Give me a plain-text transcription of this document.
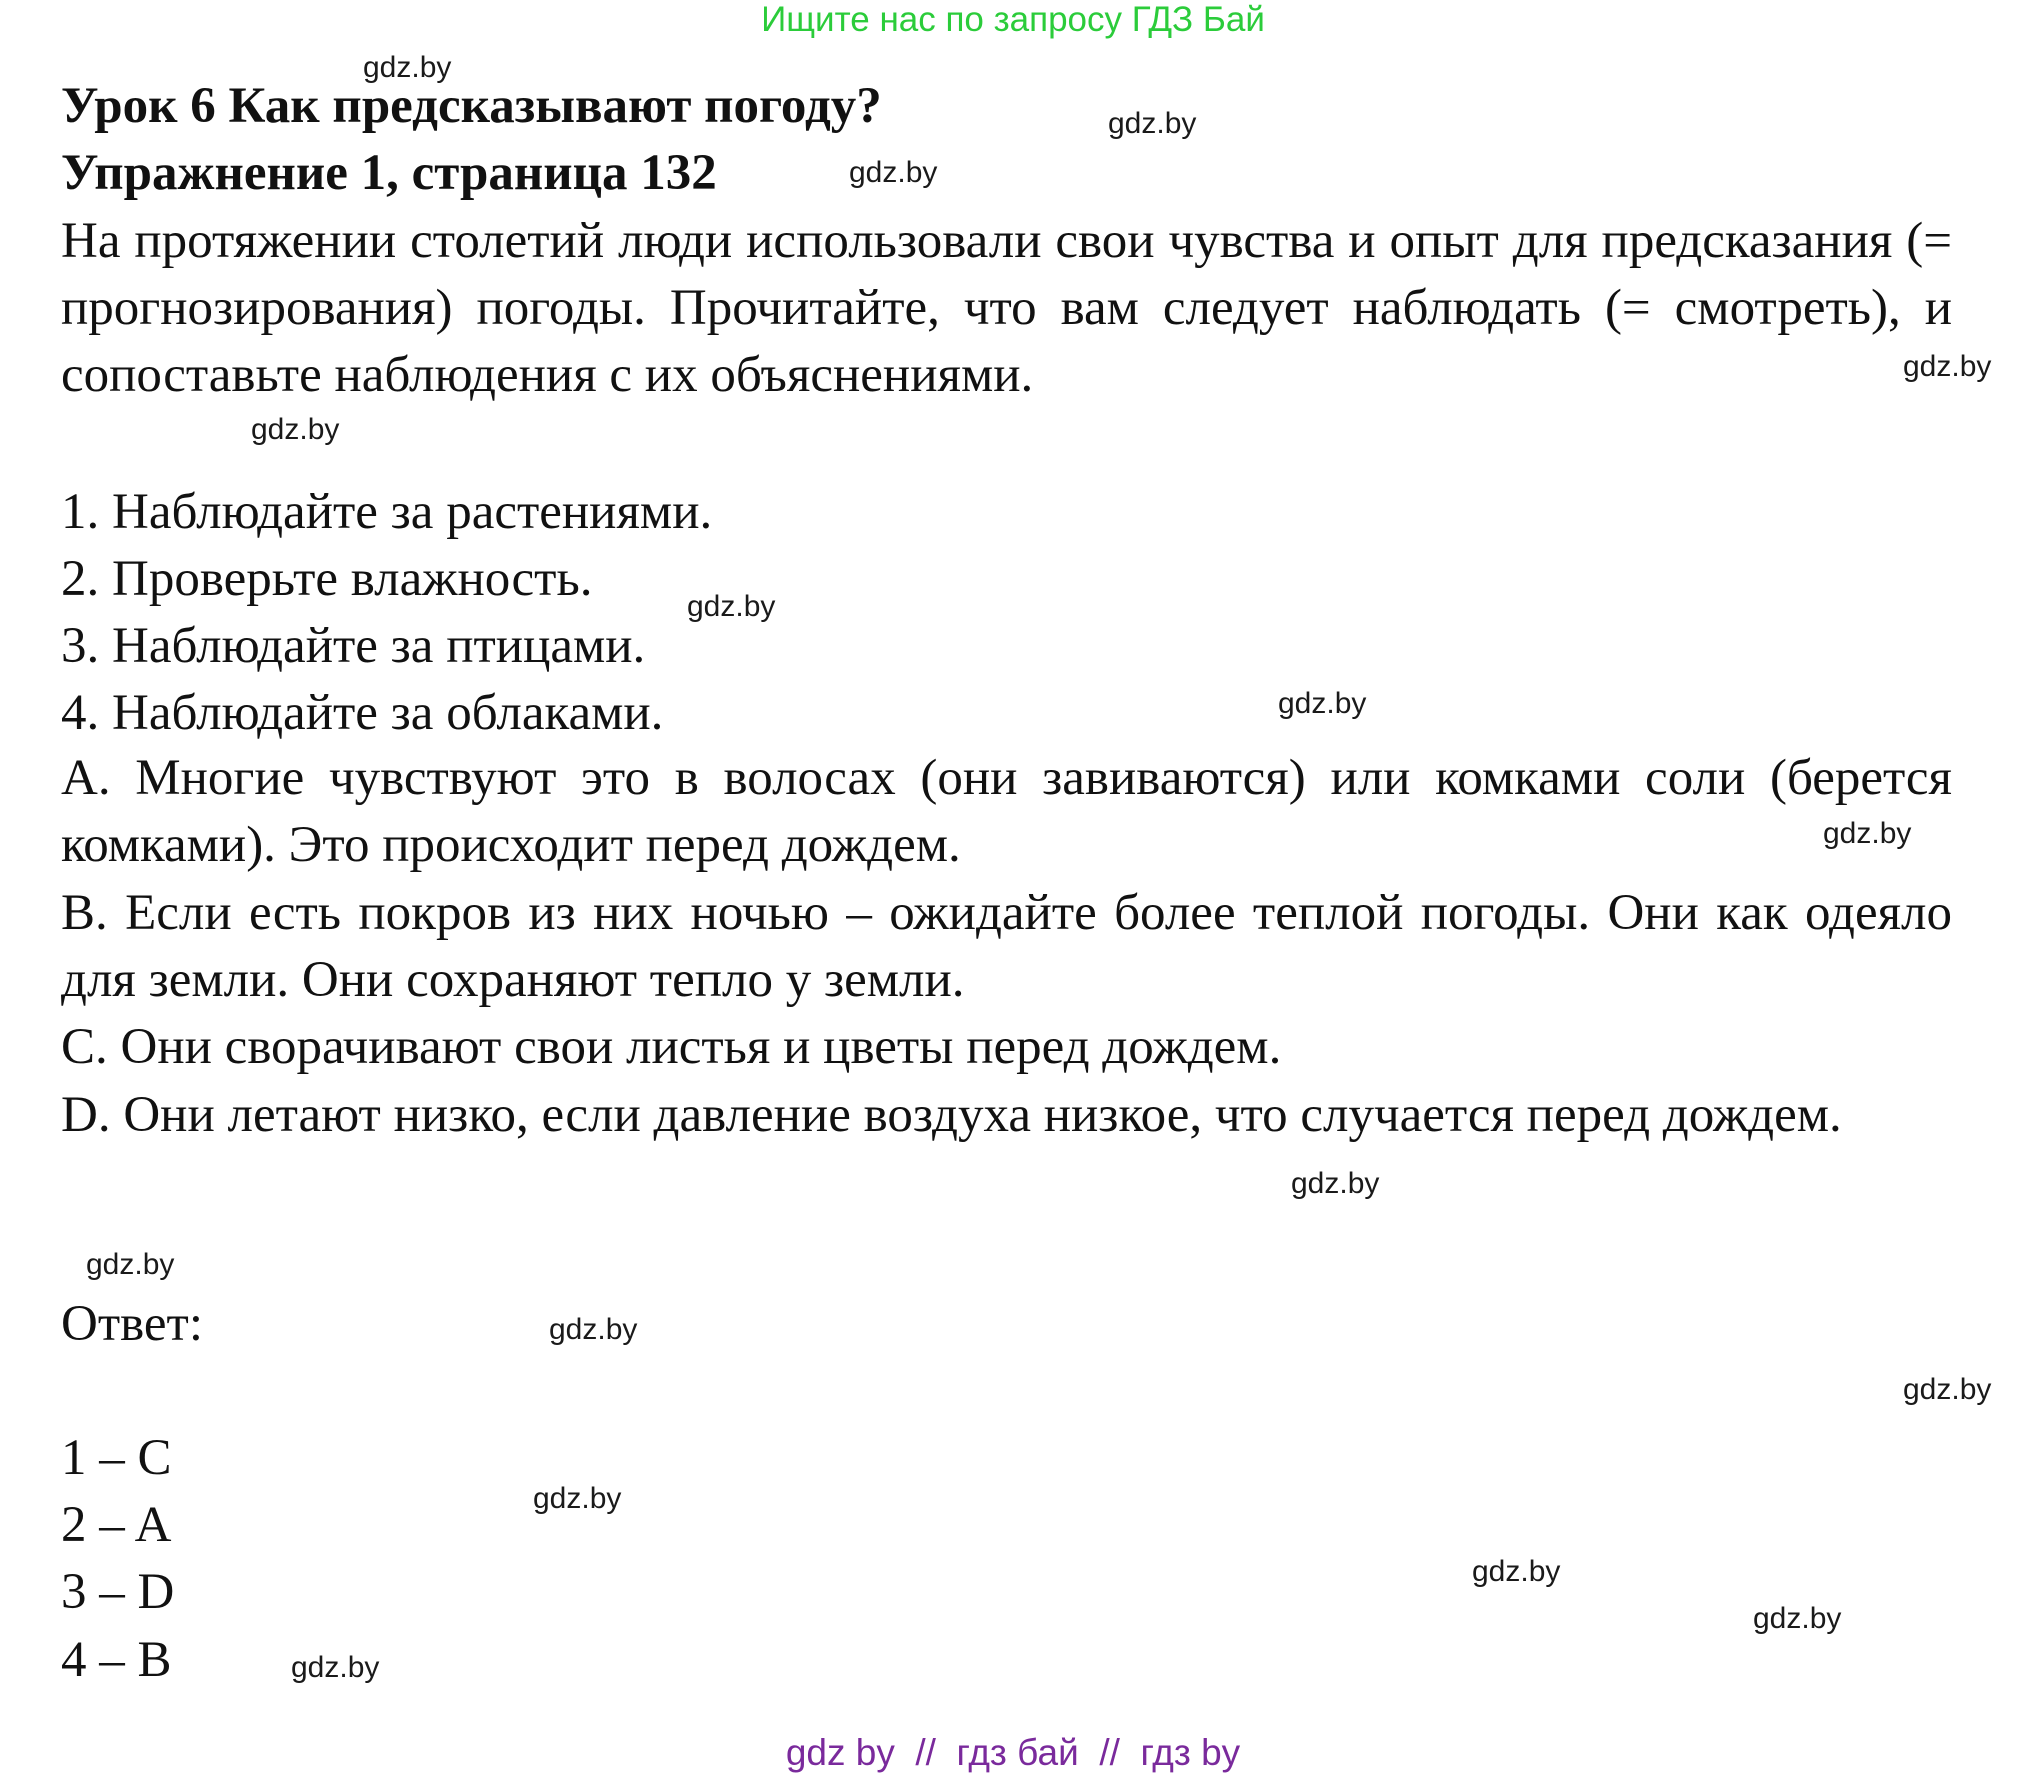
Ищите нас по запросу ГДЗ Бай
Урок 6 Как предсказывают погоду?
Упражнение 1, страница 132
На протяжении столетий люди использовали свои чувства и опыт для предсказания (= прогнозирования) погоды. Прочитайте, что вам следует наблюдать (= смотреть), и сопоставьте наблюдения с их объяснениями.
1. Наблюдайте за растениями.
2. Проверьте влажность.
3. Наблюдайте за птицами.
4. Наблюдайте за облаками.
A. Многие чувствуют это в волосах (они завиваются) или комками соли (берется комками). Это происходит перед дождем.
B. Если есть покров из них ночью – ожидайте более теплой погоды. Они как одеяло для земли. Они сохраняют тепло у земли.
C. Они сворачивают свои листья и цветы перед дождем.
D. Они летают низко, если давление воздуха низкое, что случается перед дождем.
Ответ:
1 – C
2 – A
3 – D
4 – B
gdz.by
gdz.by
gdz.by
gdz.by
gdz.by
gdz.by
gdz.by
gdz.by
gdz.by
gdz.by
gdz.by
gdz.by
gdz.by
gdz.by
gdz.by
gdz.by
gdz by  //  гдз бай  //  гдз by
